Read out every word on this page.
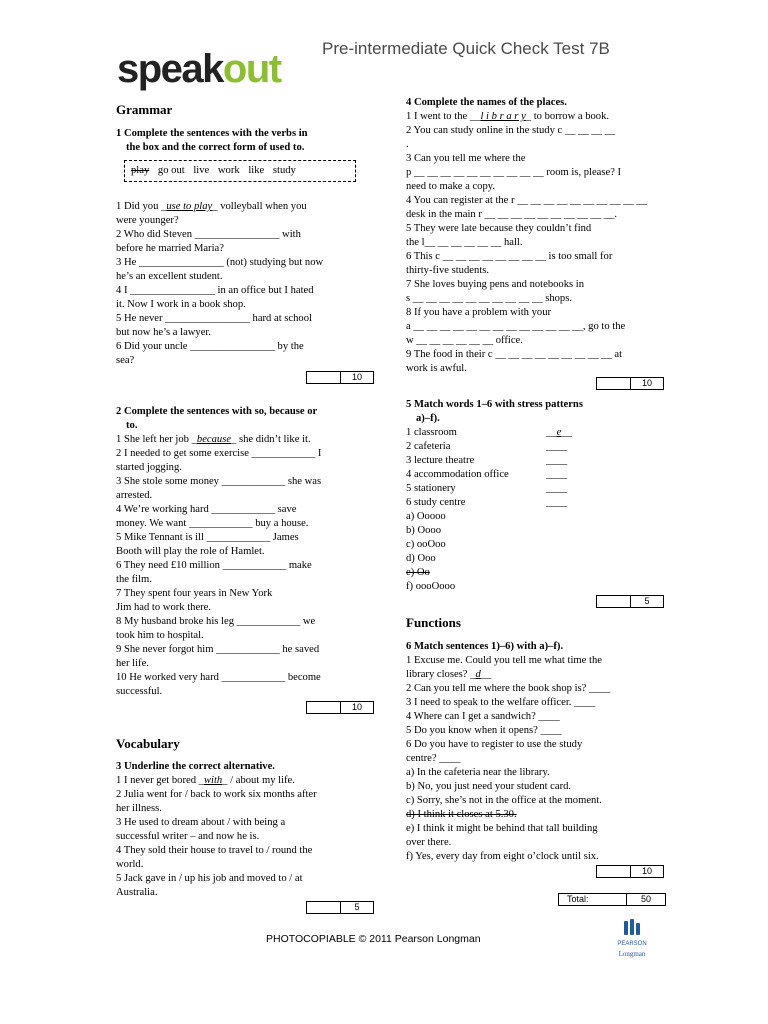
speakout Pre-intermediate Quick Check Test 7B
Grammar
1 Complete the sentences with the verbs in
the box and the correct form of used to.
1 Did you _use to play_ volleyball when you
were younger?
2 Who did Steven ________________ with
before he married Maria?
3 He ________________ (not) studying but now
he’s an excellent student.
4 I ________________ in an office but I hated
it. Now I work in a book shop.
5 He never ________________ hard at school
but now he’s a lawyer.
6 Did your uncle ________________ by the
sea?
10
2 Complete the sentences with so, because or
to.
1 She left her job _because_ she didn’t like it.
2 I needed to get some exercise ____________ I
started jogging.
3 She stole some money ____________ she was
arrested.
4 We’re working hard ____________ save
money. We want ____________ buy a house.
5 Mike Tennant is ill ____________ James
Booth will play the role of Hamlet.
6 They need £10 million ____________ make
the film.
7 They spent four years in New York
Jim had to work there.
8 My husband broke his leg ____________ we
took him to hospital.
9 She never forgot him ____________ he saved
her life.
10 He worked very hard ____________ become
successful.
10
Vocabulary
3 Underline the correct alternative.
1 I never get bored _with_ / about my life.
2 Julia went for / back to work six months after
her illness.
3 He used to dream about / with being a
successful writer – and now he is.
4 They sold their house to travel to / round the
world.
5 Jack gave in / up his job and moved to / at
Australia.
5
play go out live work like study
4 Complete the names of the places.
1 I went to the __l i b r a r y_ to borrow a book.
2 You can study online in the study c __ __ __ __
.
3 Can you tell me where the
p __ __ __ __ __ __ __ __ __ __ room is, please? I
need to make a copy.
4 You can register at the r __ __ __ __ __ __ __ __ __ __
desk in the main r __ __ __ __ __ __ __ __ __ __.
5 They were late because they couldn’t find
the l__ __ __ __ __ __ hall.
6 This c __ __ __ __ __ __ __ __ is too small for
thirty-five students.
7 She loves buying pens and notebooks in
s __ __ __ __ __ __ __ __ __ __ shops.
8 If you have a problem with your
a __ __ __ __ __ __ __ __ __ __ __ __ __, go to the
w __ __ __ __ __ __ office.
9 The food in their c __ __ __ __ __ __ __ __ __ at
work is awful.
10
5 Match words 1–6 with stress patterns
a)–f).
1 classroom	__e__
2 cafeteria	____
3 lecture theatre	____
4 accommodation office	____
5 stationery	____
6 study centre	____
a) Ooooo
b) Oooo
c) ooOoo
d) Ooo
e) Oo
f) oooOooo
5
Functions
6 Match sentences 1)–6) with a)–f).
1 Excuse me. Could you tell me what time the
library closes? _d__
2 Can you tell me where the book shop is? ____
3 I need to speak to the welfare officer. ____
4 Where can I get a sandwich? ____
5 Do you know when it opens? ____
6 Do you have to register to use the study
centre? ____
a) In the cafeteria near the library.
b) No, you just need your student card.
c) Sorry, she’s not in the office at the moment.
d) I think it closes at 5.30.
e) I think it might be behind that tall building
over there.
f) Yes, every day from eight o’clock until six.
10
Total:	50
PHOTOCOPIABLE © 2011 Pearson Longman	PEARSON
Longman
